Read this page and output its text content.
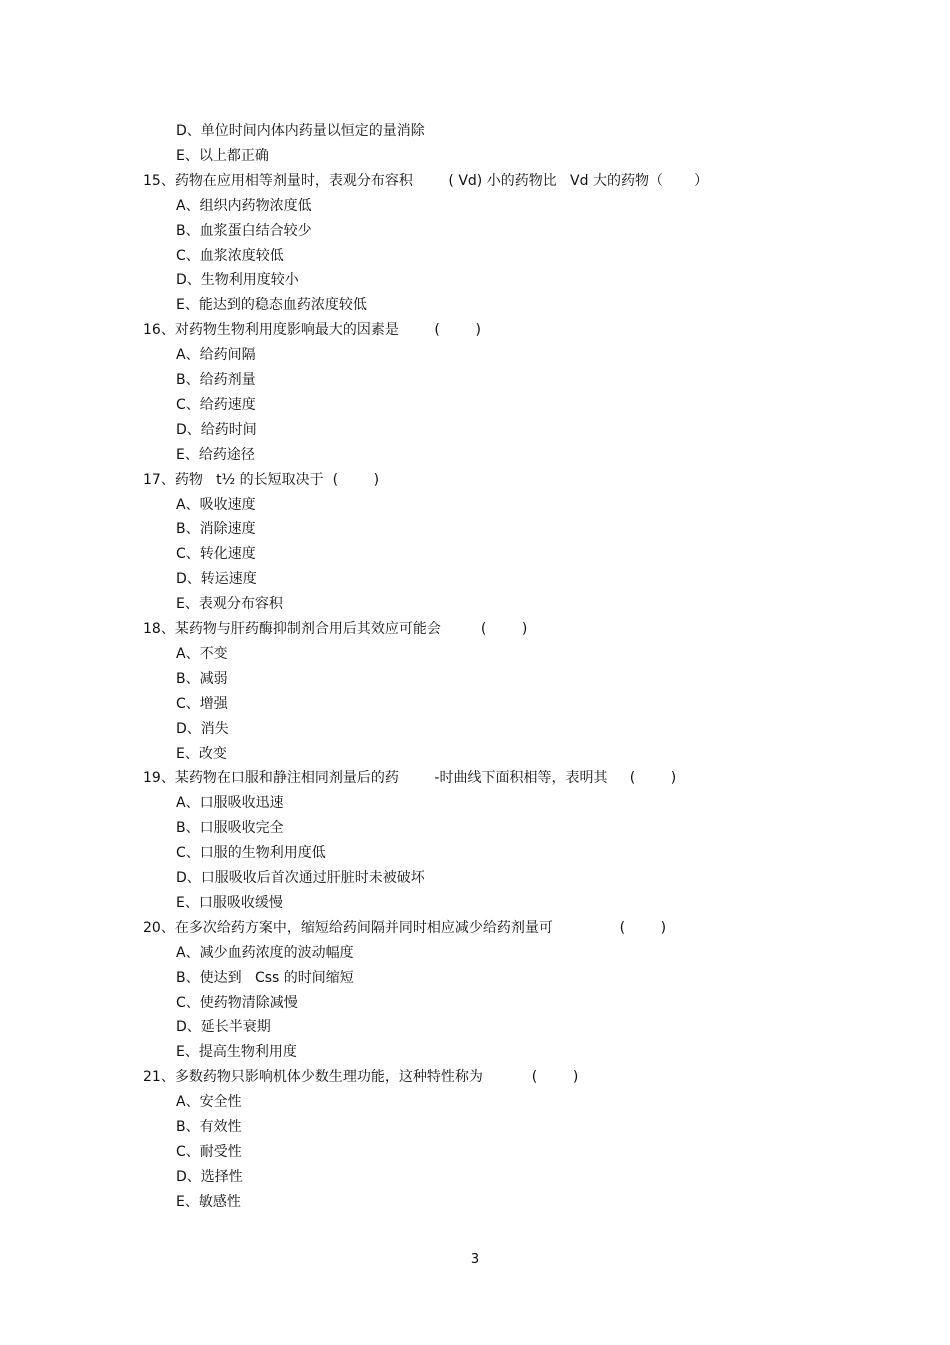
D、单位时间内体内药量以恒定的量消除
E、以上都正确
15、药物在应用相等剂量时，表观分布容积        ( Vd) 小的药物比   Vd 大的药物（       ）
A、组织内药物浓度低
B、血浆蛋白结合较少
C、血浆浓度较低
D、生物利用度较小
E、能达到的稳态血药浓度较低
16、对药物生物利用度影响最大的因素是        (        )
A、给药间隔
B、给药剂量
C、给药速度
D、给药时间
E、给药途径
17、药物   t½ 的长短取决于  (        )
A、吸收速度
B、消除速度
C、转化速度
D、转运速度
E、表观分布容积
18、某药物与肝药酶抑制剂合用后其效应可能会         (        )
A、不变
B、减弱
C、增强
D、消失
E、改变
19、某药物在口服和静注相同剂量后的药        -时曲线下面积相等，表明其     (        )
A、口服吸收迅速
B、口服吸收完全
C、口服的生物利用度低
D、口服吸收后首次通过肝脏时未被破坏
E、口服吸收缓慢
20、在多次给药方案中，缩短给药间隔并同时相应减少给药剂量可               (        )
A、减少血药浓度的波动幅度
B、使达到   Css 的时间缩短
C、使药物清除减慢
D、延长半衰期
E、提高生物利用度
21、多数药物只影响机体少数生理功能，这种特性称为           (        )
A、安全性
B、有效性
C、耐受性
D、选择性
E、敏感性
3
